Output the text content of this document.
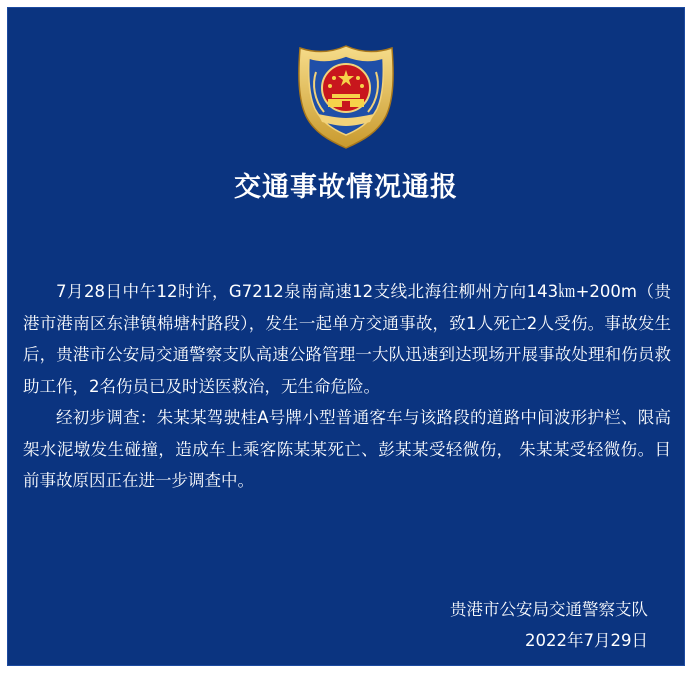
交通事故情况通报

7月28日中午12时许，G7212泉南高速12支线北海往柳州方向143㎞+200m（贵港市港南区东津镇棉塘村路段），发生一起单方交通事故，致1人死亡2人受伤。事故发生后，贵港市公安局交通警察支队高速公路管理一大队迅速到达现场开展事故处理和伤员救助工作，2名伤员已及时送医救治，无生命危险。

经初步调查：朱某某驾驶桂A号牌小型普通客车与该路段的道路中间波形护栏、限高架水泥墩发生碰撞，造成车上乘客陈某某死亡、彭某某受轻微伤， 朱某某受轻微伤。目前事故原因正在进一步调查中。

贵港市公安局交通警察支队
2022年7月29日
